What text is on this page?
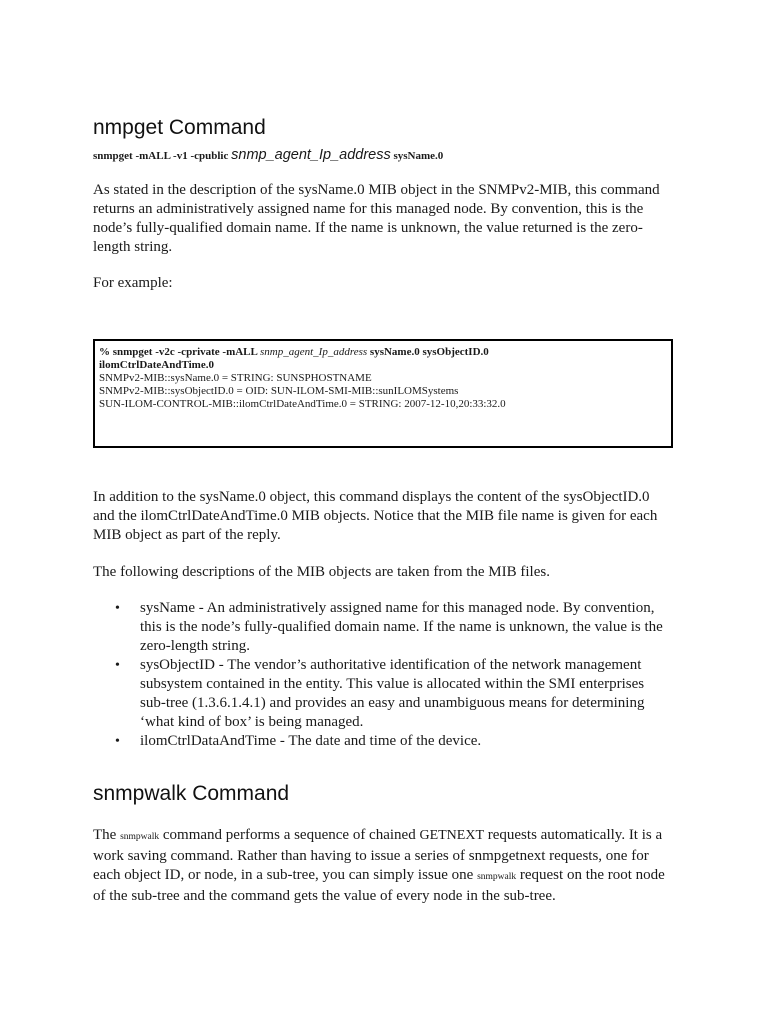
nmpget Command
snmpget -mALL -v1 -cpublic snmp_agent_Ip_address sysName.0

As stated in the description of the sysName.0 MIB object in the SNMPv2-MIB, this command returns an administratively assigned name for this managed node. By convention, this is the node’s fully-qualified domain name. If the name is unknown, the value returned is the zero-length string.

For example:

% snmpget -v2c -cprivate -mALL snmp_agent_Ip_address sysName.0 sysObjectID.0
ilomCtrlDateAndTime.0
SNMPv2-MIB::sysName.0 = STRING: SUNSPHOSTNAME
SNMPv2-MIB::sysObjectID.0 = OID: SUN-ILOM-SMI-MIB::sunILOMSystems
SUN-ILOM-CONTROL-MIB::ilomCtrlDateAndTime.0 = STRING: 2007-12-10,20:33:32.0

In addition to the sysName.0 object, this command displays the content of the sysObjectID.0 and the ilomCtrlDateAndTime.0 MIB objects. Notice that the MIB file name is given for each MIB object as part of the reply.

The following descriptions of the MIB objects are taken from the MIB files.

• sysName - An administratively assigned name for this managed node. By convention, this is the node’s fully-qualified domain name. If the name is unknown, the value is the zero-length string.
• sysObjectID - The vendor’s authoritative identification of the network management subsystem contained in the entity. This value is allocated within the SMI enterprises sub-tree (1.3.6.1.4.1) and provides an easy and unambiguous means for determining ‘what kind of box’ is being managed.
• ilomCtrlDataAndTime - The date and time of the device.
snmpwalk Command

The snmpwalk command performs a sequence of chained GETNEXT requests automatically. It is a work saving command. Rather than having to issue a series of snmpgetnext requests, one for each object ID, or node, in a sub-tree, you can simply issue one snmpwalk request on the root node of the sub-tree and the command gets the value of every node in the sub-tree.
